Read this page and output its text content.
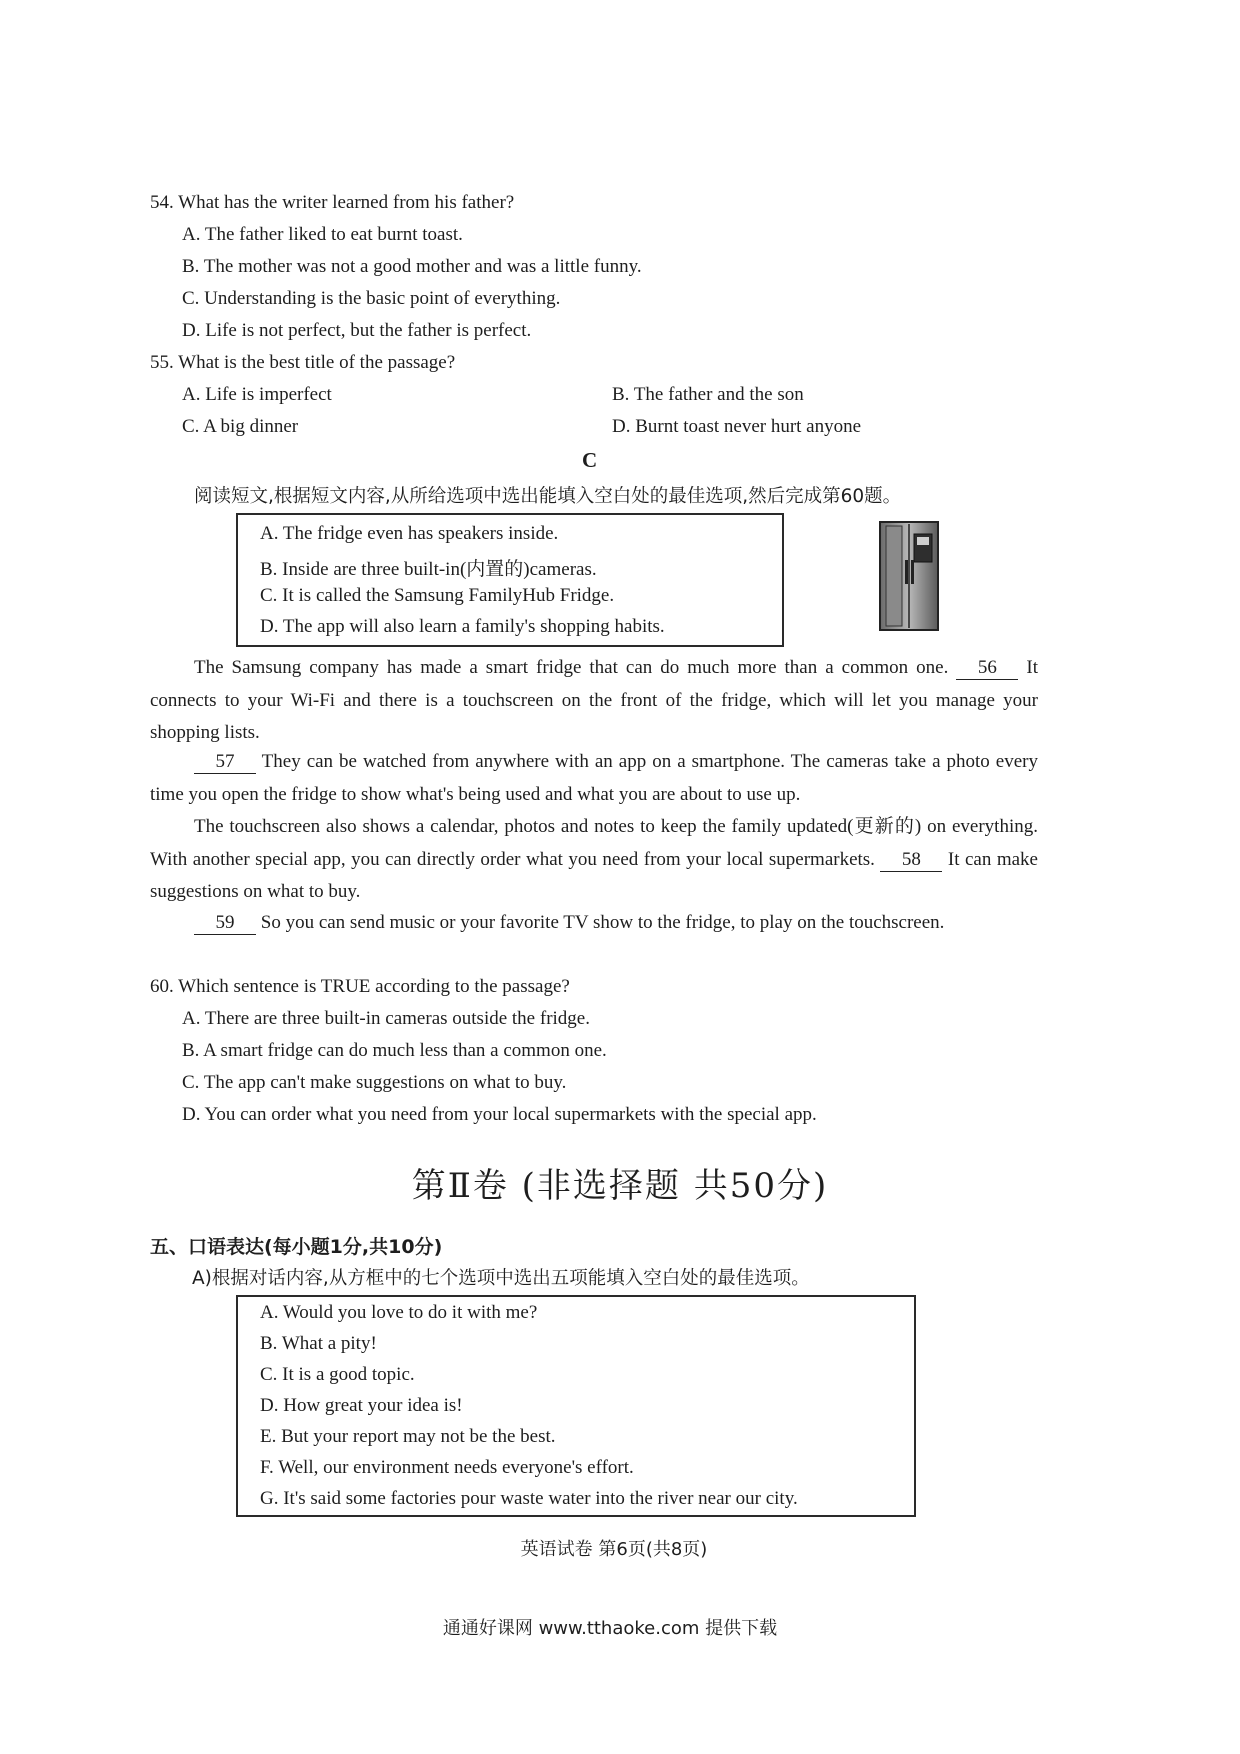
54. What has the writer learned from his father?
A. The father liked to eat burnt toast.
B. The mother was not a good mother and was a little funny.
C. Understanding is the basic point of everything.
D. Life is not perfect, but the father is perfect.
55. What is the best title of the passage?
A. Life is imperfect	B. The father and the son
C. A big dinner	D. Burnt toast never hurt anyone
C
阅读短文,根据短文内容,从所给选项中选出能填入空白处的最佳选项,然后完成第60题。
A. The fridge even has speakers inside.
B. Inside are three built-in(内置的)cameras.
C. It is called the Samsung FamilyHub Fridge.
D. The app will also learn a family's shopping habits.
The Samsung company has made a smart fridge that can do much more than a common one. 56 It connects to your Wi-Fi and there is a touchscreen on the front of the fridge, which will let you manage your shopping lists.
57 They can be watched from anywhere with an app on a smartphone. The cameras take a photo every time you open the fridge to show what's being used and what you are about to use up.
The touchscreen also shows a calendar, photos and notes to keep the family updated(更新的) on everything. With another special app, you can directly order what you need from your local supermarkets. 58 It can make suggestions on what to buy.
59 So you can send music or your favorite TV show to the fridge, to play on the touchscreen.
60. Which sentence is TRUE according to the passage?
A. There are three built-in cameras outside the fridge.
B. A smart fridge can do much less than a common one.
C. The app can't make suggestions on what to buy.
D. You can order what you need from your local supermarkets with the special app.
第Ⅱ卷 (非选择题 共50分)
五、口语表达(每小题1分,共10分)
A)根据对话内容,从方框中的七个选项中选出五项能填入空白处的最佳选项。
A. Would you love to do it with me?
B. What a pity!
C. It is a good topic.
D. How great your idea is!
E. But your report may not be the best.
F. Well, our environment needs everyone's effort.
G. It's said some factories pour waste water into the river near our city.
英语试卷 第6页(共8页)
通通好课网 www.tthaoke.com 提供下载
